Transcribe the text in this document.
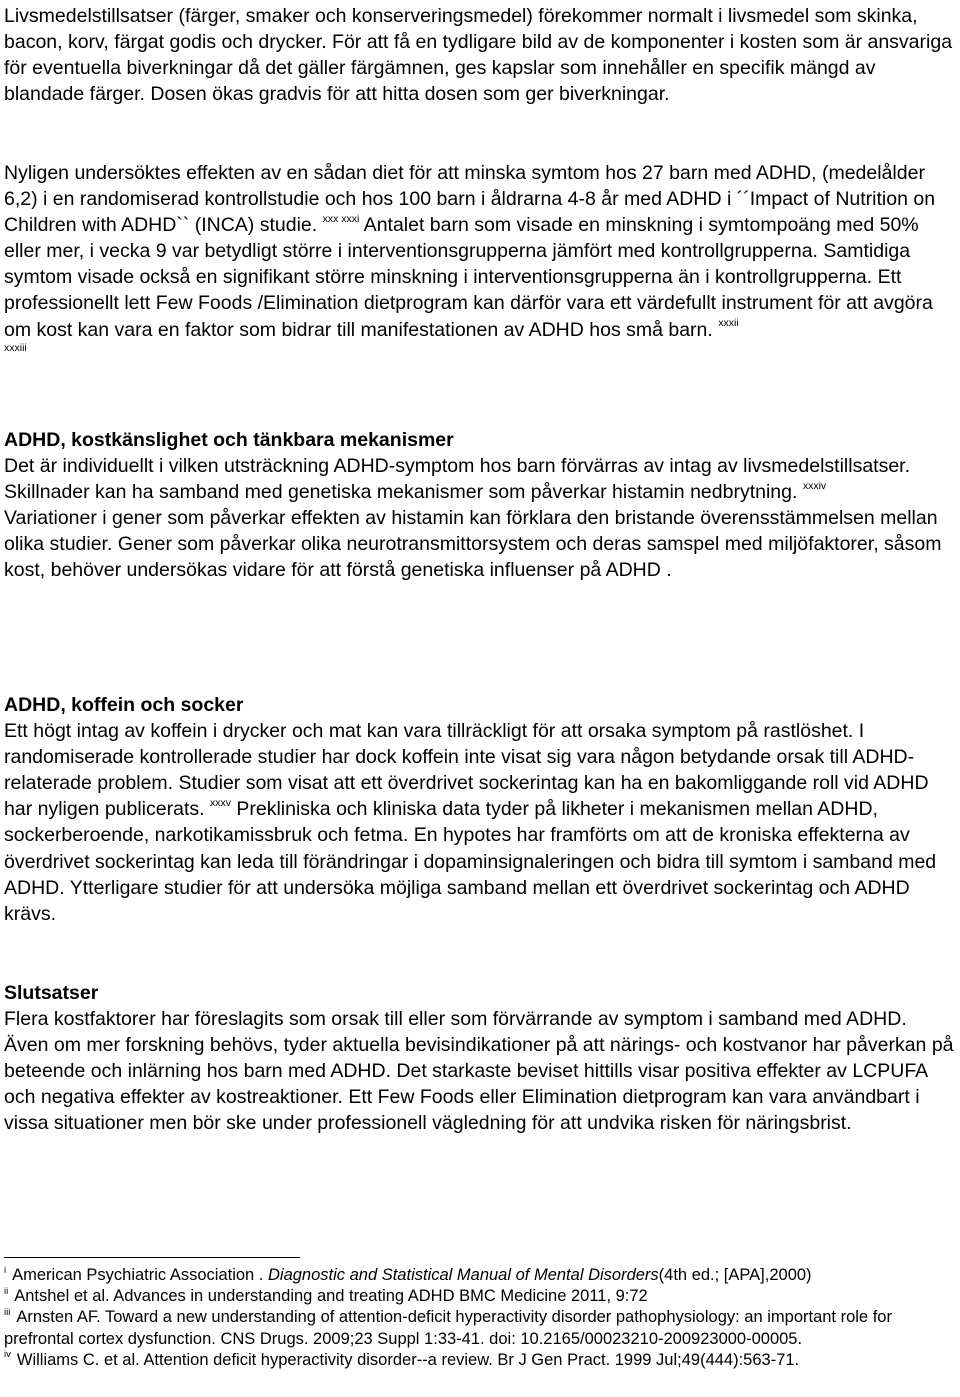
Livsmedelstillsatser (färger, smaker och konserveringsmedel) förekommer normalt i livsmedel som skinka, bacon, korv, färgat godis och drycker. För att få en tydligare bild av de komponenter i kosten som är ansvariga för eventuella biverkningar då det gäller färgämnen, ges kapslar som innehåller en specifik mängd av blandade färger. Dosen ökas gradvis för att hitta dosen som ger biverkningar.

Nyligen undersöktes effekten av en sådan diet för att minska symtom hos 27 barn med ADHD, (medelålder 6,2) i en randomiserad kontrollstudie och hos 100 barn i åldrarna 4-8 år med ADHD i ´´Impact of Nutrition on Children with ADHD`` (INCA) studie. $^{xxx xxxi}$ Antalet barn som visade en minskning i symtompoäng med 50% eller mer, i vecka 9 var betydligt större i interventionsgrupperna jämfört med kontrollgrupperna. Samtidiga symtom visade också en signifikant större minskning i interventionsgrupperna än i kontrollgrupperna. Ett professionellt lett Few Foods /Elimination dietprogram kan därför vara ett värdefullt instrument för att avgöra om kost kan vara en faktor som bidrar till manifestationen av ADHD hos små barn. $^{xxxii}$
xxxiii

ADHD, kostkänslighet och tänkbara mekanismer

Det är individuellt i vilken utsträckning ADHD-symptom hos barn förvärras av intag av livsmedelstillsatser. Skillnader kan ha samband med genetiska mekanismer som påverkar histamin nedbrytning. $^{xxxiv}$

Variationer i gener som påverkar effekten av histamin kan förklara den bristande överensstämmelsen mellan olika studier. Gener som påverkar olika neurotransmittorsystem och deras samspel med miljöfaktorer, såsom kost, behöver undersökas vidare för att förstå genetiska influenser på ADHD .

ADHD, koffein och socker

Ett högt intag av koffein i drycker och mat kan vara tillräckligt för att orsaka symptom på rastlöshet. I randomiserade kontrollerade studier har dock koffein inte visat sig vara någon betydande orsak till ADHD-relaterade problem. Studier som visat att ett överdrivet sockerintag kan ha en bakomliggande roll vid ADHD har nyligen publicerats. $^{xxxv}$ Prekliniska och kliniska data tyder på likheter i mekanismen mellan ADHD, sockerberoende, narkotikamissbruk och fetma. En hypotes har framförts om att de kroniska effekterna av överdrivet sockerintag kan leda till förändringar i dopaminsignaleringen och bidra till symtom i samband med ADHD. Ytterligare studier för att undersöka möjliga samband mellan ett överdrivet sockerintag och ADHD krävs.

Slutsatser

Flera kostfaktorer har föreslagits som orsak till eller som förvärrande av symptom i samband med ADHD. Även om mer forskning behövs, tyder aktuella bevisindikationer på att närings- och kostvanor har påverkan på beteende och inlärning hos barn med ADHD. Det starkaste beviset hittills visar positiva effekter av LCPUFA och negativa effekter av kostreaktioner. Ett Few Foods eller Elimination dietprogram kan vara användbart i vissa situationer men bör ske under professionell vägledning för att undvika risken för näringsbrist.

$^i$ American Psychiatric Association . Diagnostic and Statistical Manual of Mental Disorders(4th ed.; [APA],2000)

$^{ii}$ Antshel et al. Advances in understanding and treating ADHD BMC Medicine 2011, 9:72

$^{iii}$ Arnsten AF. Toward a new understanding of attention-deficit hyperactivity disorder pathophysiology: an important role for prefrontal cortex dysfunction. CNS Drugs. 2009;23 Suppl 1:33-41. doi: 10.2165/00023210-200923000-00005.

$^{iv}$ Williams C. et al. Attention deficit hyperactivity disorder--a review. Br J Gen Pract. 1999 Jul;49(444):563-71.
